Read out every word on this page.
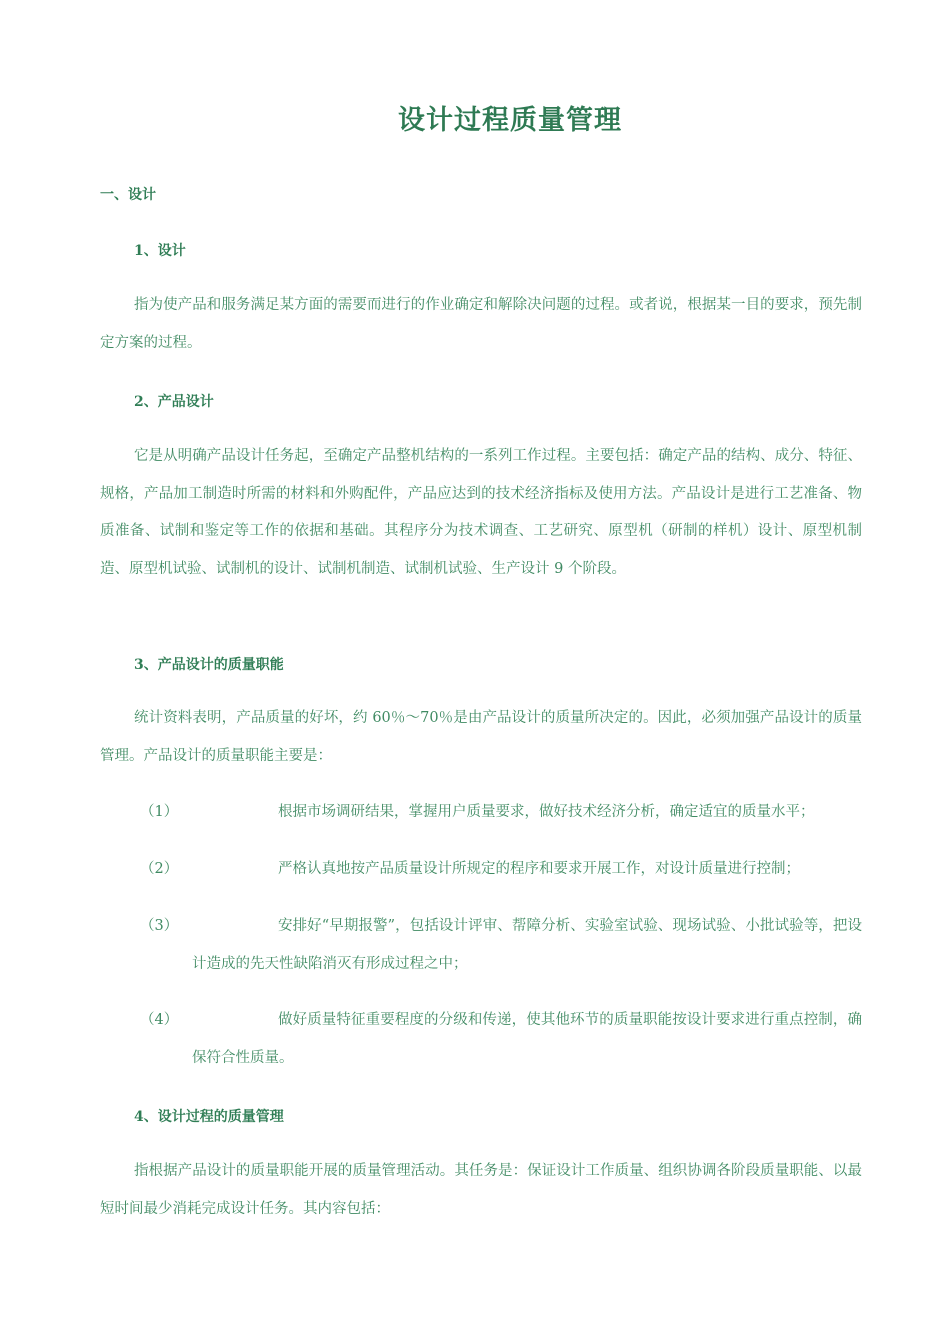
设计过程质量管理
一、设计
1、设计

指为使产品和服务满足某方面的需要而进行的作业确定和解除决问题的过程。或者说，根据某一目的要求，预先制定方案的过程。

2、产品设计

它是从明确产品设计任务起，至确定产品整机结构的一系列工作过程。主要包括：确定产品的结构、成分、特征、规格，产品加工制造时所需的材料和外购配件，产品应达到的技术经济指标及使用方法。产品设计是进行工艺准备、物质准备、试制和鉴定等工作的依据和基础。其程序分为技术调查、工艺研究、原型机（研制的样机）设计、原型机制造、原型机试验、试制机的设计、试制机制造、试制机试验、生产设计 9 个阶段。

3、产品设计的质量职能

统计资料表明，产品质量的好坏，约 60％～70％是由产品设计的质量所决定的。因此，必须加强产品设计的质量管理。产品设计的质量职能主要是：

（1）	根据市场调研结果，掌握用户质量要求，做好技术经济分析，确定适宜的质量水平；
（2）	严格认真地按产品质量设计所规定的程序和要求开展工作，对设计质量进行控制；
（3）	安排好“早期报警”，包括设计评审、帮障分析、实验室试验、现场试验、小批试验等，把设计造成的先天性缺陷消灭有形成过程之中；
（4）	做好质量特征重要程度的分级和传递，使其他环节的质量职能按设计要求进行重点控制，确保符合性质量。
4、设计过程的质量管理

指根据产品设计的质量职能开展的质量管理活动。其任务是：保证设计工作质量、组织协调各阶段质量职能、以最短时间最少消耗完成设计任务。其内容包括：
